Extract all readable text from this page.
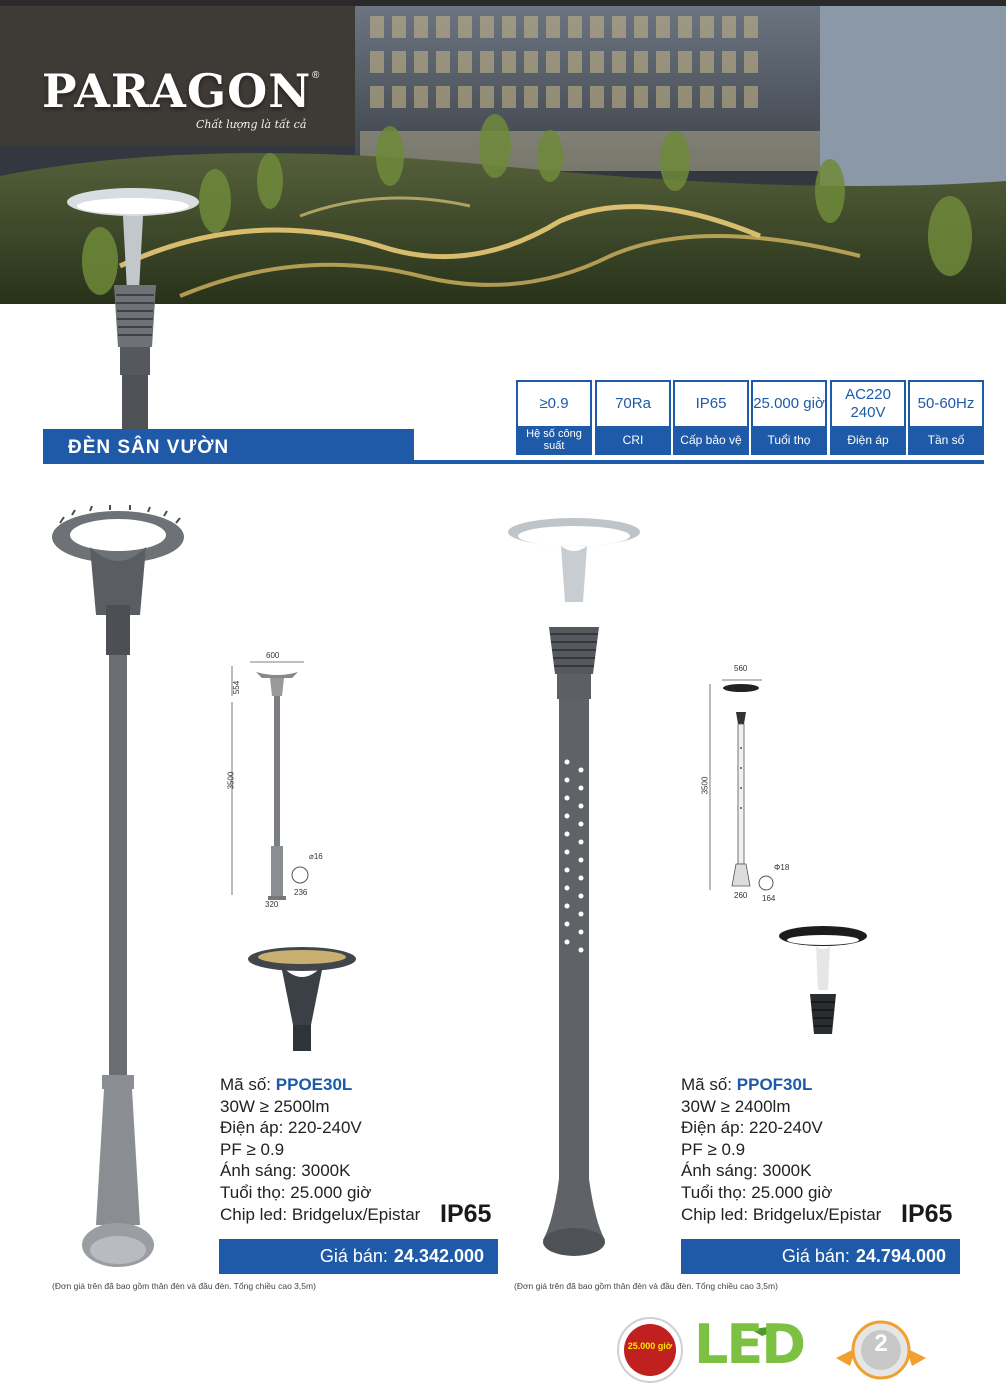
PARAGON ®
Chất lượng là tất cả
ĐÈN SÂN VƯỜN
≥0.9
Hệ số công suất
70Ra
CRI
IP65
Cấp bảo vệ
25.000 giờ
Tuổi thọ
AC220 240V
Điện áp
50-60Hz
Tần số
600
554
3500
320
236
⌀16
Mã số: PPOE30L
30W ≥ 2500lm
Điện áp: 220-240V
PF ≥ 0.9
Ánh sáng: 3000K
Tuổi thọ: 25.000 giờ
Chip led: Bridgelux/Epistar IP65
Giá bán: 24.342.000
(Đơn giá trên đã bao gồm thân đèn và đầu đèn. Tổng chiều cao 3,5m)
560
3500
260 164
Φ18
Mã số: PPOF30L
30W ≥ 2400lm
Điện áp: 220-240V
PF ≥ 0.9
Ánh sáng: 3000K
Tuổi thọ: 25.000 giờ
Chip led: Bridgelux/Epistar IP65
Giá bán: 24.794.000
(Đơn giá trên đã bao gồm thân đèn và đầu đèn. Tổng chiều cao 3,5m)
25.000 giờ LED	2
